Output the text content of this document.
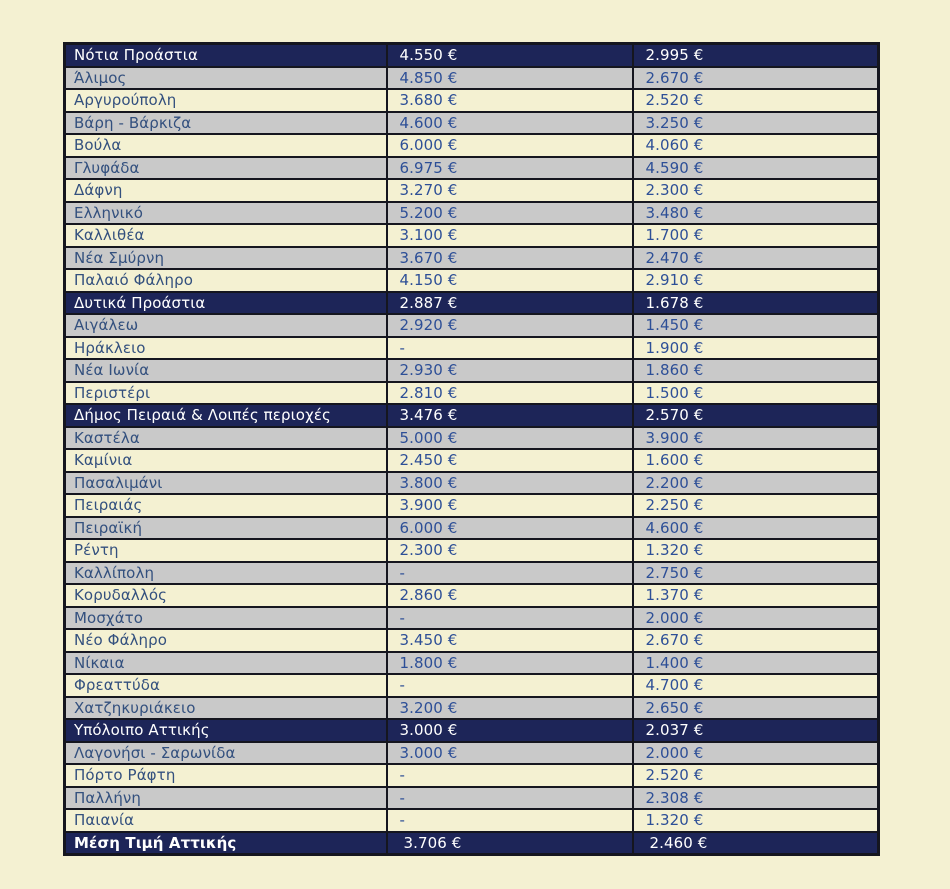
Νότια Προάστια	4.550 €	2.995 €
Άλιμος	4.850 €	2.670 €
Αργυρούπολη	3.680 €	2.520 €
Βάρη - Βάρκιζα	4.600 €	3.250 €
Βούλα	6.000 €	4.060 €
Γλυφάδα	6.975 €	4.590 €
Δάφνη	3.270 €	2.300 €
Ελληνικό	5.200 €	3.480 €
Καλλιθέα	3.100 €	1.700 €
Νέα Σμύρνη	3.670 €	2.470 €
Παλαιό Φάληρο	4.150 €	2.910 €
Δυτικά Προάστια	2.887 €	1.678 €
Αιγάλεω	2.920 €	1.450 €
Ηράκλειο	-	1.900 €
Νέα Ιωνία	2.930 €	1.860 €
Περιστέρι	2.810 €	1.500 €
Δήμος Πειραιά & Λοιπές περιοχές	3.476 €	2.570 €
Καστέλα	5.000 €	3.900 €
Καμίνια	2.450 €	1.600 €
Πασαλιμάνι	3.800 €	2.200 €
Πειραιάς	3.900 €	2.250 €
Πειραϊκή	6.000 €	4.600 €
Ρέντη	2.300 €	1.320 €
Καλλίπολη	-	2.750 €
Κορυδαλλός	2.860 €	1.370 €
Μοσχάτο	-	2.000 €
Νέο Φάληρο	3.450 €	2.670 €
Νίκαια	1.800 €	1.400 €
Φρεαττύδα	-	4.700 €
Χατζηκυριάκειο	3.200 €	2.650 €
Υπόλοιπο Αττικής	3.000 €	2.037 €
Λαγονήσι - Σαρωνίδα	3.000 €	2.000 €
Πόρτο Ράφτη	-	2.520 €
Παλλήνη	-	2.308 €
Παιανία	-	1.320 €
Μέση Τιμή Αττικής	3.706 €	2.460 €
